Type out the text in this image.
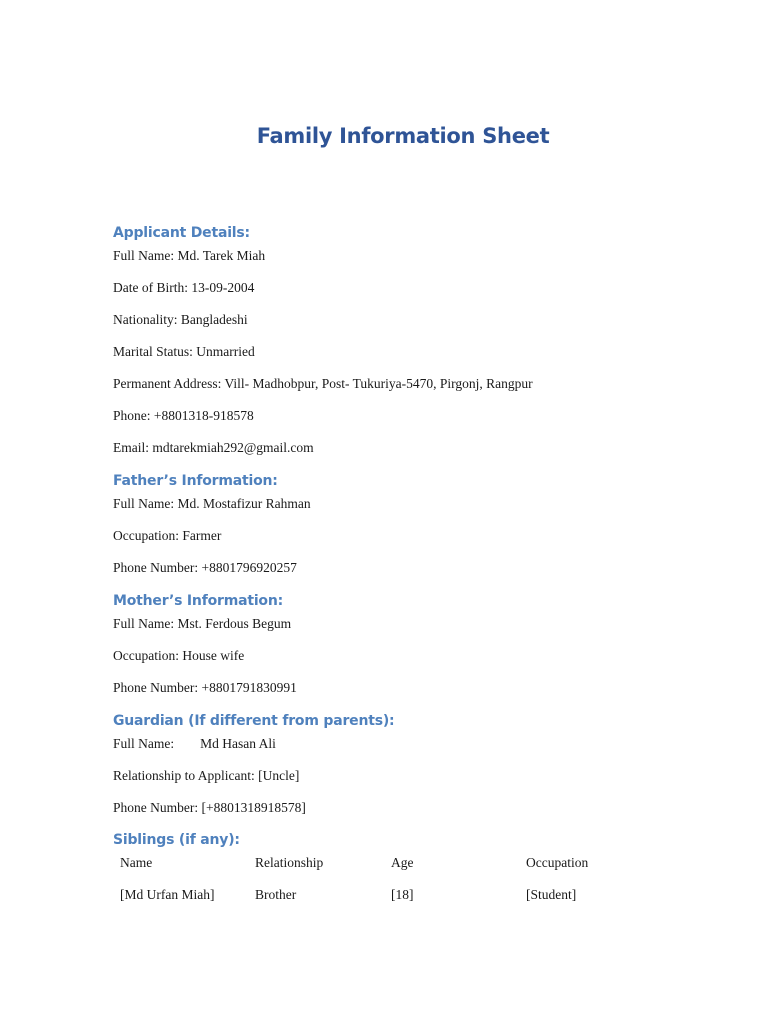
Family Information Sheet
Applicant Details:
Full Name: Md. Tarek Miah
Date of Birth: 13-09-2004
Nationality: Bangladeshi
Marital Status: Unmarried
Permanent Address: Vill- Madhobpur, Post- Tukuriya-5470, Pirgonj, Rangpur
Phone: +8801318-918578
Email: mdtarekmiah292@gmail.com
Father’s Information:
Full Name: Md. Mostafizur Rahman
Occupation: Farmer
Phone Number: +8801796920257
Mother’s Information:
Full Name: Mst. Ferdous Begum
Occupation: House wife
Phone Number: +8801791830991
Guardian (If different from parents):
Full Name: Md Hasan Ali
Relationship to Applicant: [Uncle]
Phone Number: [+8801318918578]
Siblings (if any):
Name	Relationship	Age	Occupation
[Md Urfan Miah]	Brother	[18]	[Student]
